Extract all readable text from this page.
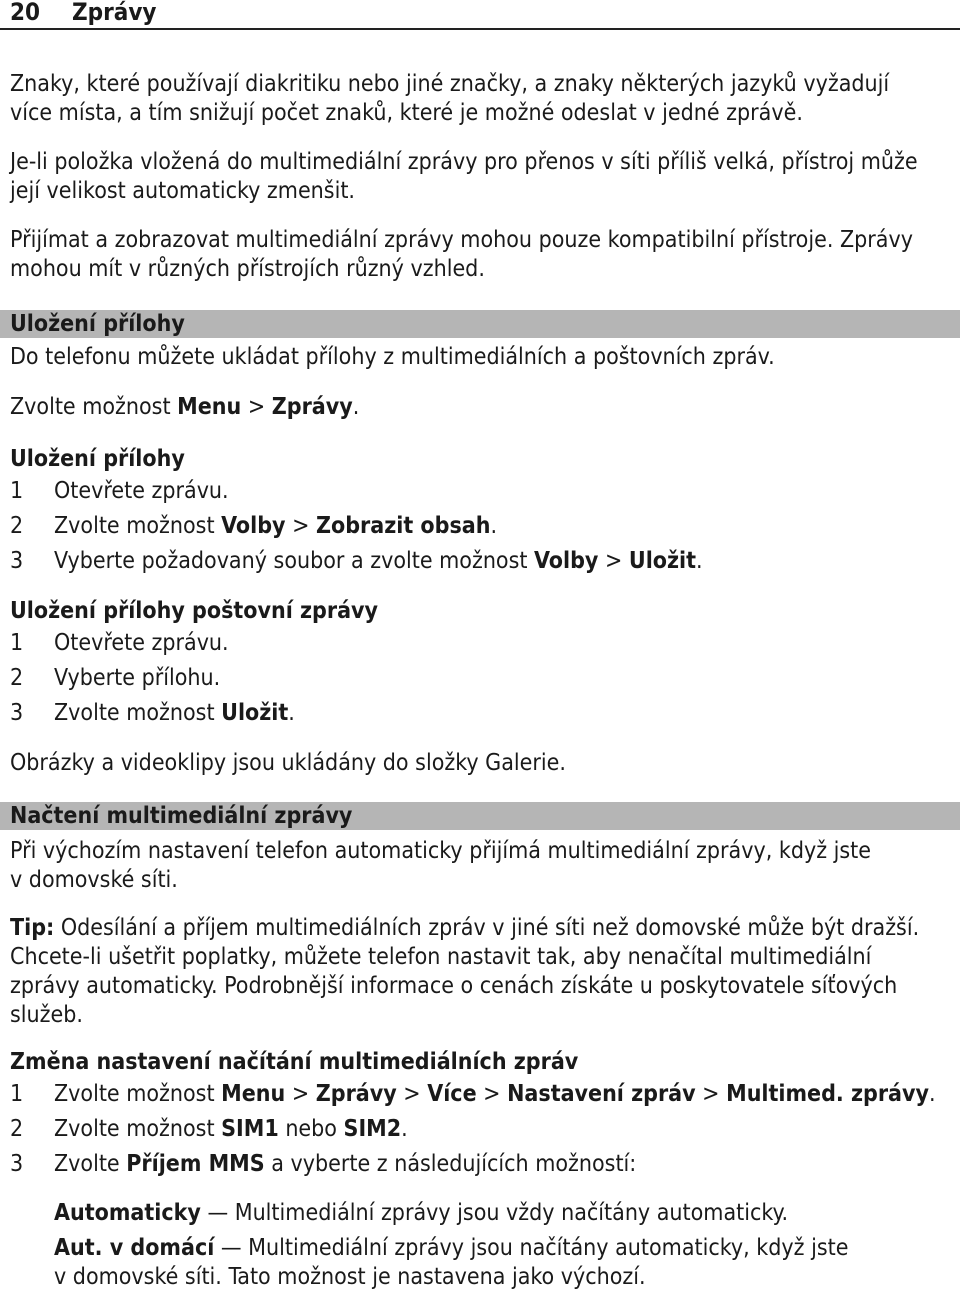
20 Zprávy
Znaky, které používají diakritiku nebo jiné značky, a znaky některých jazyků vyžadují
více místa, a tím snižují počet znaků, které je možné odeslat v jedné zprávě.
Je-li položka vložená do multimediální zprávy pro přenos v síti příliš velká, přístroj může
její velikost automaticky zmenšit.
Přijímat a zobrazovat multimediální zprávy mohou pouze kompatibilní přístroje. Zprávy
mohou mít v různých přístrojích různý vzhled.
Uložení přílohy
Do telefonu můžete ukládat přílohy z multimediálních a poštovních zpráv.
Zvolte možnost Menu > Zprávy.
Uložení přílohy
1 Otevřete zprávu.
2 Zvolte možnost Volby > Zobrazit obsah.
3 Vyberte požadovaný soubor a zvolte možnost Volby > Uložit.
Uložení přílohy poštovní zprávy
1 Otevřete zprávu.
2 Vyberte přílohu.
3 Zvolte možnost Uložit.
Obrázky a videoklipy jsou ukládány do složky Galerie.
Načtení multimediální zprávy
Při výchozím nastavení telefon automaticky přijímá multimediální zprávy, když jste
v domovské síti.
Tip: Odesílání a příjem multimediálních zpráv v jiné síti než domovské může být dražší.
Chcete-li ušetřit poplatky, můžete telefon nastavit tak, aby nenačítal multimediální
zprávy automaticky. Podrobnější informace o cenách získáte u poskytovatele síťových
služeb.
Změna nastavení načítání multimediálních zpráv
1 Zvolte možnost Menu > Zprávy > Více > Nastavení zpráv > Multimed. zprávy.
2 Zvolte možnost SIM1 nebo SIM2.
3 Zvolte Příjem MMS a vyberte z následujících možností:
Automaticky — Multimediální zprávy jsou vždy načítány automaticky.
Aut. v domácí — Multimediální zprávy jsou načítány automaticky, když jste
v domovské síti. Tato možnost je nastavena jako výchozí.
